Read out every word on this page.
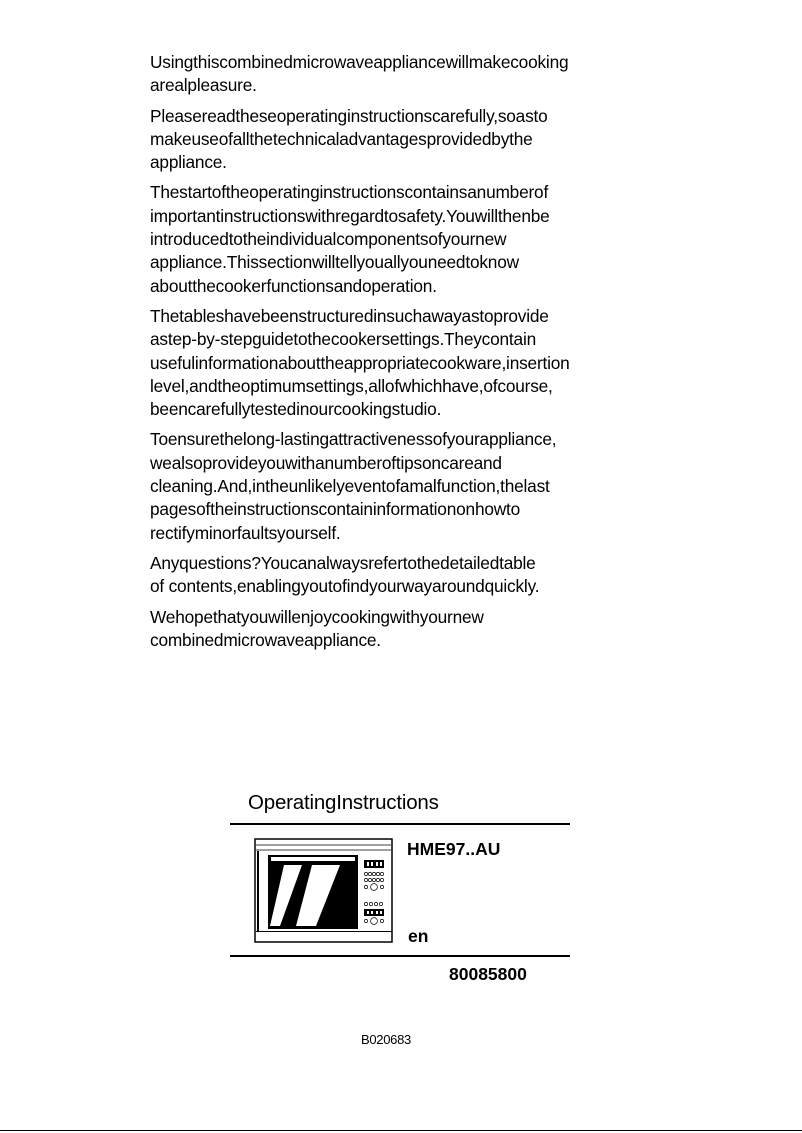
Usingthiscombinedmicrowaveappliancewillmakecooking
arealpleasure.

Pleasereadtheseoperatinginstructionscarefully,soasto
makeuseofallthetechnicaladvantagesprovidedbythe
appliance.

Thestartoftheoperatinginstructionscontainsanumberof
importantinstructionswithregardtosafety.Youwillthenbe
introducedtotheindividualcomponentsofyournew
appliance.Thissectionwilltellyouallyouneedtoknow
aboutthecookerfunctionsandoperation.

Thetableshavebeenstructuredinsuchawayastoprovide
astep-by-stepguidetothecookersettings.Theycontain
usefulinformationabouttheappropriatecookware,insertion
level,andtheoptimumsettings,allofwhichhave,ofcourse,
beencarefullytestedinourcookingstudio.

Toensurethelong-lastingattractivenessofyourappliance,
wealsoprovideyouwithanumberoftipsoncareand
cleaning.And,intheunlikelyeventofamalfunction,thelast
pagesoftheinstructionscontaininformationonhowto
rectifyminorfaultsyourself.

Anyquestions?Youcanalwaysrefertothedetailedtable
of contents,enablingyoutofindyourwayaroundquickly.

Wehopethatyouwillenjoycookingwithyournew
combinedmicrowaveappliance.

OperatingInstructions
HME97..AU
en
80085800
B020683
